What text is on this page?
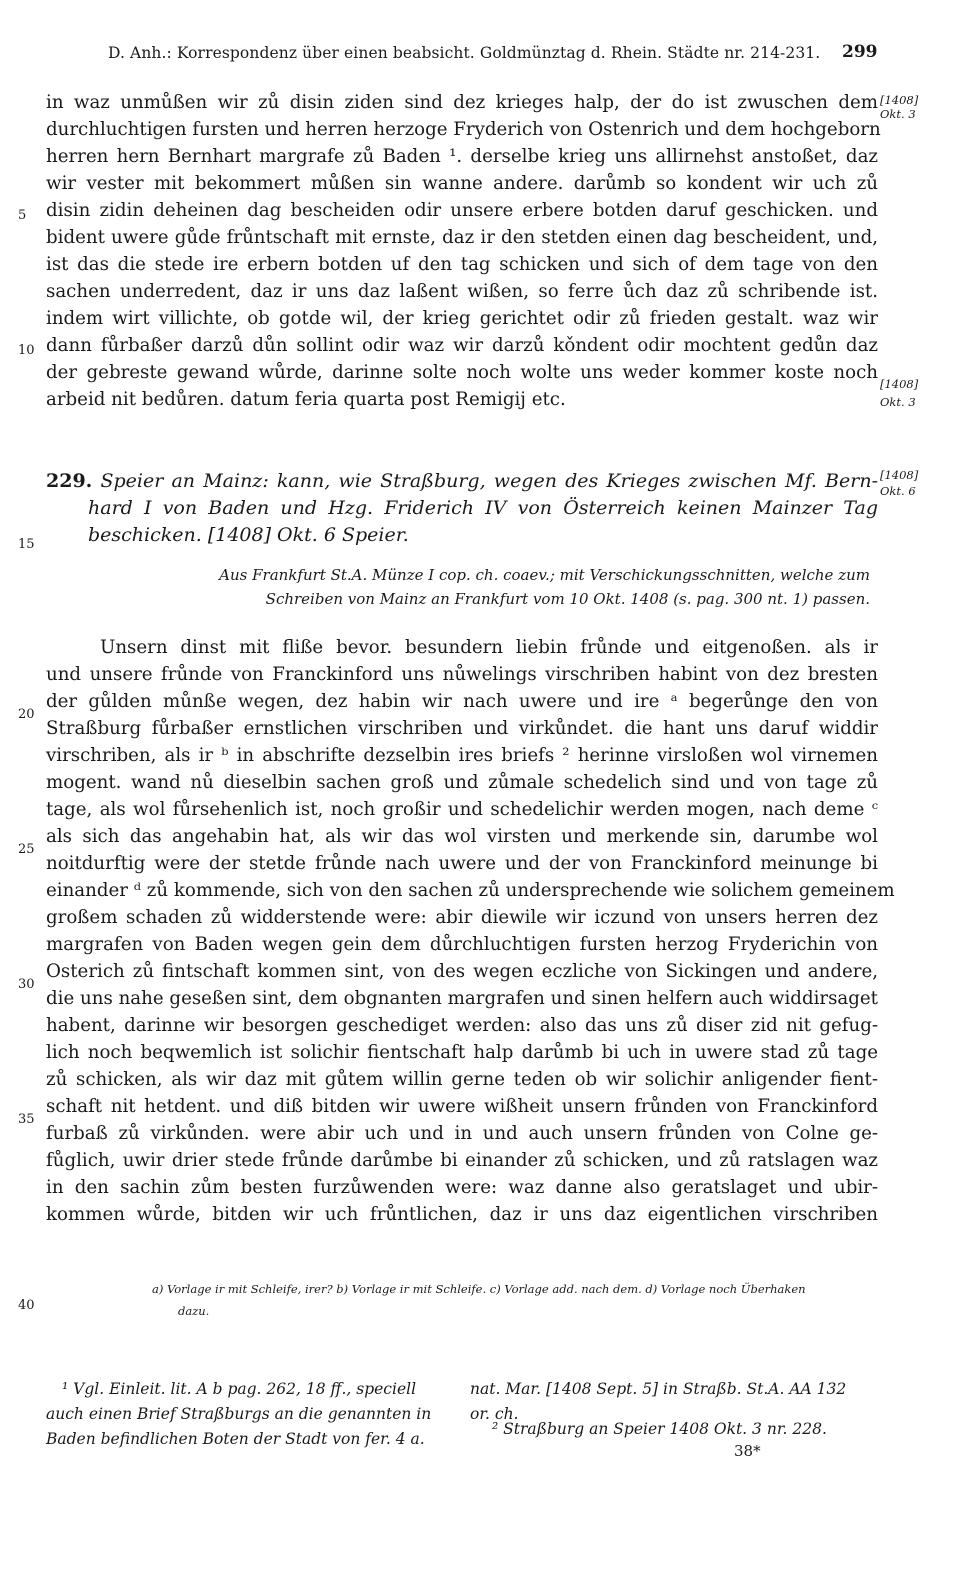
D. Anh.: Korrespondenz über einen beabsicht. Goldmünztag d. Rhein. Städte nr. 214-231.	299
in waz unmůßen wir zů disin ziden sind dez krieges halp, der do ist zwuschen dem
durchluchtigen fursten und herren herzoge Fryderich von Ostenrich und dem hochgeborn
herren hern Bernhart margrafe zů Baden ¹. derselbe krieg uns allirnehst anstoßet, daz
wir vester mit bekommert můßen sin wanne andere. darůmb so kondent wir uch zů
disin zidin deheinen dag bescheiden odir unsere erbere botden daruf geschicken. und
bident uwere gůde frůntschaft mit ernste, daz ir den stetden einen dag bescheident, und,
ist das die stede ire erbern botden uf den tag schicken und sich of dem tage von den
sachen underredent, daz ir uns daz laßent wißen, so ferre ůch daz zů schribende ist.
indem wirt villichte, ob gotde wil, der krieg gerichtet odir zů frieden gestalt. waz wir
dann fůrbaßer darzů důn sollint odir waz wir darzů kǒndent odir mochtent gedůn daz
der gebreste gewand wůrde, darinne solte noch wolte uns weder kommer koste noch
arbeid nit bedůren. datum feria quarta post Remigij etc.
5
10
[1408]
Okt. 3
[1408]
Okt. 3
229. Speier an Mainz: kann, wie Straßburg, wegen des Krieges zwischen Mf. Bern-
hard I von Baden und Hzg. Friderich IV von Österreich keinen Mainzer Tag
beschicken. [1408] Okt. 6 Speier.
15
[1408]
Okt. 6
Aus Frankfurt St.A. Münze I cop. ch. coaev.; mit Verschickungsschnitten, welche zum
Schreiben von Mainz an Frankfurt vom 10 Okt. 1408 (s. pag. 300 nt. 1) passen.
Unsern dinst mit fliße bevor. besundern liebin frůnde und eitgenoßen. als ir
und unsere frůnde von Franckinford uns nůwelings virschriben habint von dez bresten
der gůlden můnße wegen, dez habin wir nach uwere und ire ᵃ begerůnge den von
Straßburg fůrbaßer ernstlichen virschriben und virkůndet. die hant uns daruf widdir
virschriben, als ir ᵇ in abschrifte dezselbin ires briefs ² herinne virsloßen wol virnemen
mogent. wand nů dieselbin sachen groß und zůmale schedelich sind und von tage zů
tage, als wol fůrsehenlich ist, noch großir und schedelichir werden mogen, nach deme ᶜ
als sich das angehabin hat, als wir das wol virsten und merkende sin, darumbe wol
noitdurftig were der stetde frůnde nach uwere und der von Franckinford meinunge bi
einander ᵈ zů kommende, sich von den sachen zů undersprechende wie solichem gemeinem
großem schaden zů widderstende were: abir diewile wir iczund von unsers herren dez
margrafen von Baden wegen gein dem důrchluchtigen fursten herzog Fryderichin von
Osterich zů fintschaft kommen sint, von des wegen eczliche von Sickingen und andere,
die uns nahe geseßen sint, dem obgnanten margrafen und sinen helfern auch widdirsaget
habent, darinne wir besorgen geschediget werden: also das uns zů diser zid nit gefug-
lich noch beqwemlich ist solichir fientschaft halp darůmb bi uch in uwere stad zů tage
zů schicken, als wir daz mit gůtem willin gerne teden ob wir solichir anligender fient-
schaft nit hetdent. und diß bitden wir uwere wißheit unsern frůnden von Franckinford
furbaß zů virkůnden. were abir uch und in und auch unsern frůnden von Colne ge-
fůglich, uwir drier stede frůnde darůmbe bi einander zů schicken, und zů ratslagen waz
in den sachin zům besten furzůwenden were: waz danne also geratslaget und ubir-
kommen wůrde, bitden wir uch frůntlichen, daz ir uns daz eigentlichen virschriben
20
25
30
35
40
a) Vorlage ir mit Schleife, irer? b) Vorlage ir mit Schleife. c) Vorlage add. nach dem. d) Vorlage noch Überhaken
dazu.
¹ Vgl. Einleit. lit. A b pag. 262, 18 ff., speciell
auch einen Brief Straßburgs an die genannten in
Baden befindlichen Boten der Stadt von fer. 4 a.
nat. Mar. [1408 Sept. 5] in Straßb. St.A. AA 132
or. ch.
² Straßburg an Speier 1408 Okt. 3 nr. 228.
38*
